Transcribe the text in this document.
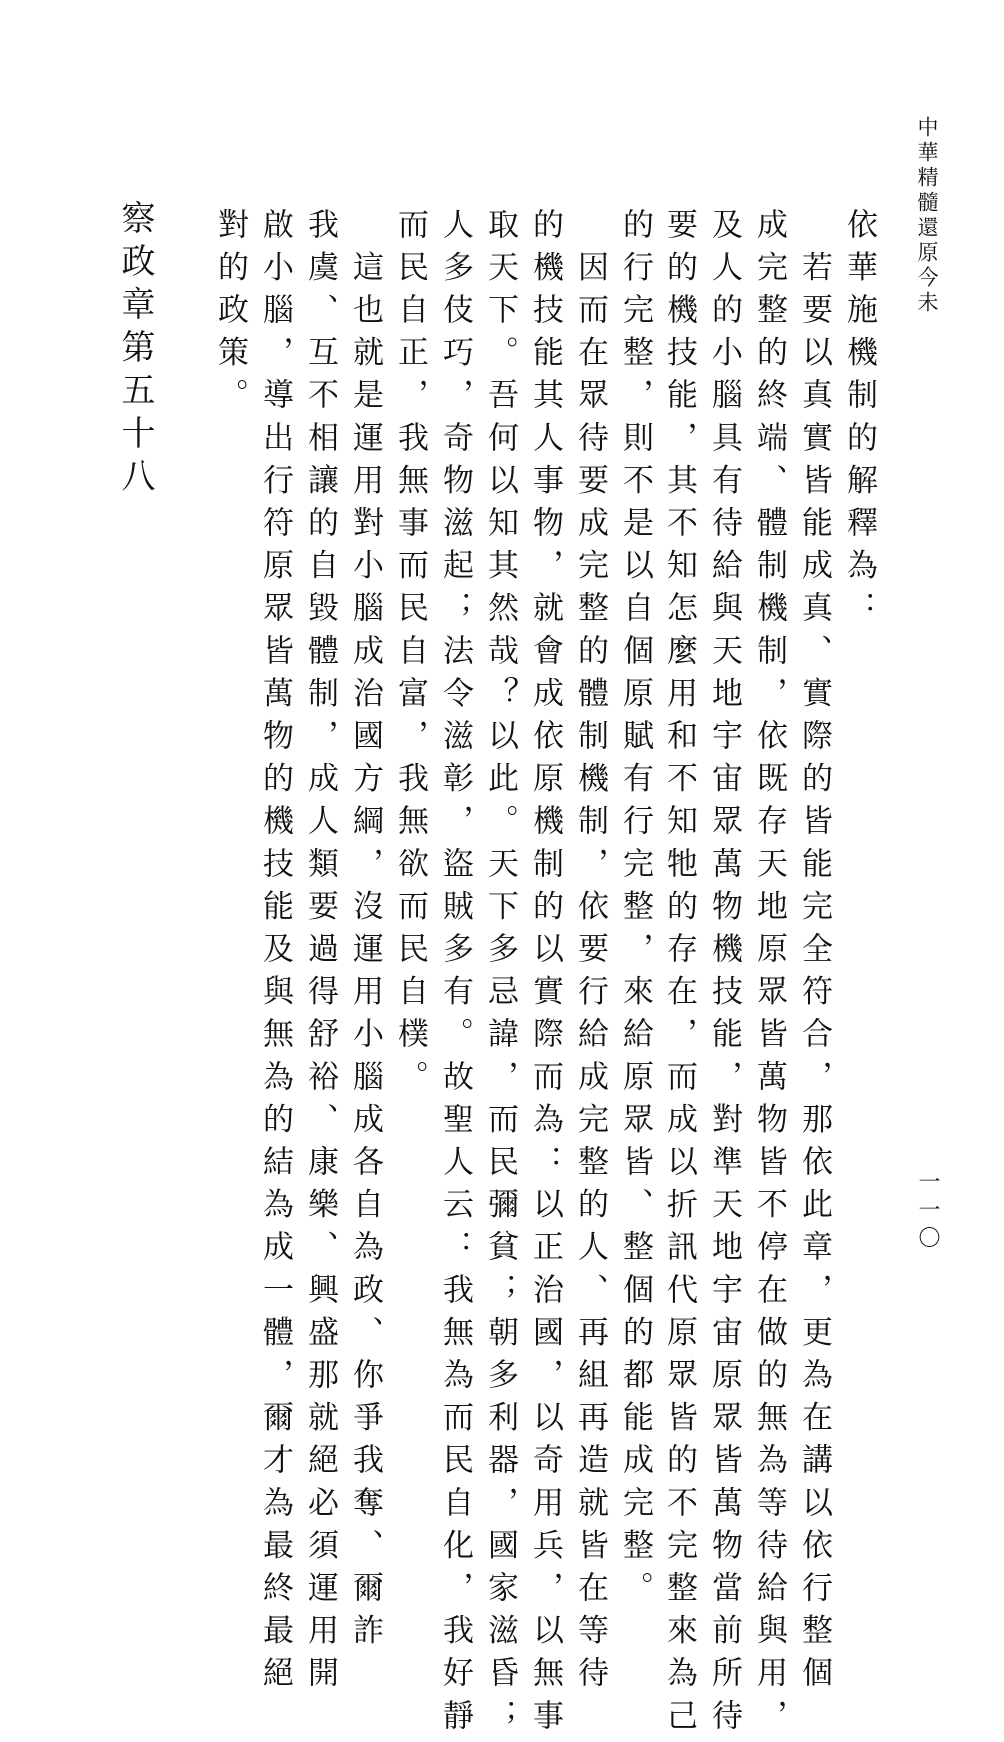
中華精髓還原今未
依華施機制的解釋為：
　若要以真實皆能成真、實際的皆能完全符合，那依此章，更為在講以依行整個
成完整的終端、體制機制，依既存天地原眾皆萬物皆不停在做的無為等待給與用，
及人的小腦具有待給與天地宇宙眾萬物機技能，對準天地宇宙原眾皆萬物當前所待
要的機技能，其不知怎麼用和不知牠的存在，而成以折訊代原眾皆的不完整來為己
的行完整，則不是以自個原賦有行完整，來給原眾皆、整個的都能成完整。
　因而在眾待要成完整的體制機制，依要行給成完整的人、再組再造就皆在等待
的機技能其人事物，就會成依原機制的以實際而為：以正治國，以奇用兵，以無事
取天下。吾何以知其然哉？以此。天下多忌諱，而民彌貧；朝多利器，國家滋昏；
人多伎巧，奇物滋起；法令滋彰，盜賊多有。故聖人云：我無為而民自化，我好靜
而民自正，我無事而民自富，我無欲而民自樸。
　這也就是運用對小腦成治國方綱，沒運用小腦成各自為政、你爭我奪、爾詐
我虞、互不相讓的自毀體制，成人類要過得舒裕、康樂、興盛那就絕必須運用開
啟小腦，導出行符原眾皆萬物的機技能及與無為的結為成一體，爾才為最終最絕
對的政策。
察政章第五十八
一一〇
